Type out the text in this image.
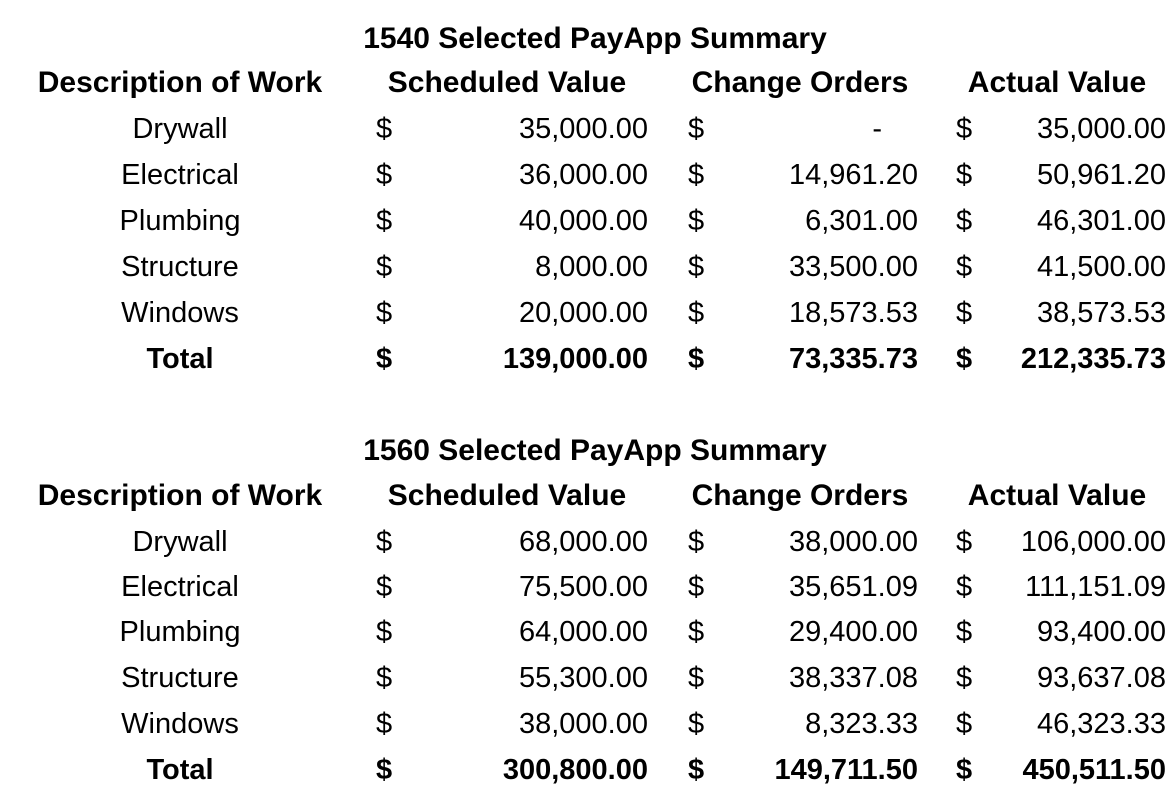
1540 Selected PayApp Summary
Description of Work	Scheduled Value	Change Orders	Actual Value
Drywall	$	35,000.00 $	-	$	35,000.00
Electrical	$	36,000.00 $	14,961.20 $	50,961.20
Plumbing	$	40,000.00 $	6,301.00 $	46,301.00
Structure	$	8,000.00 $	33,500.00 $	41,500.00
Windows	$	20,000.00 $	18,573.53 $	38,573.53
Total	$	139,000.00 $	73,335.73 $	212,335.73
1560 Selected PayApp Summary
Description of Work	Scheduled Value	Change Orders	Actual Value
Drywall	$	68,000.00 $	38,000.00 $	106,000.00
Electrical	$	75,500.00 $	35,651.09 $	111,151.09
Plumbing	$	64,000.00 $	29,400.00 $	93,400.00
Structure	$	55,300.00 $	38,337.08 $	93,637.08
Windows	$	38,000.00 $	8,323.33 $	46,323.33
Total	$	300,800.00 $	149,711.50 $	450,511.50
